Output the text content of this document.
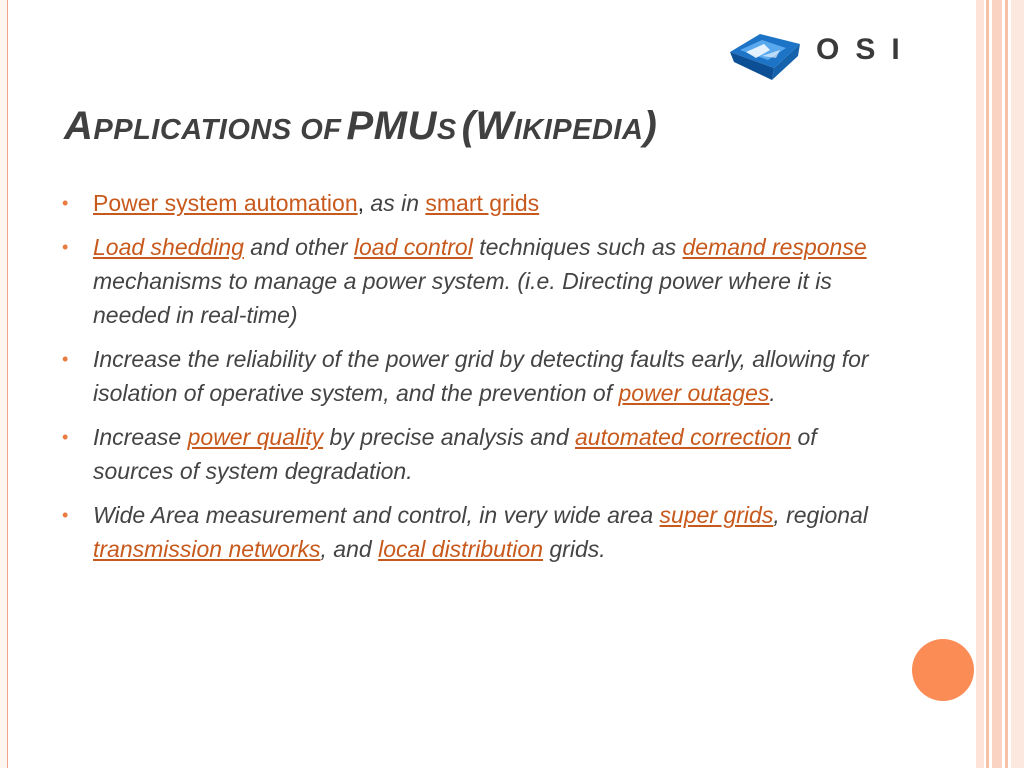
OSI
APPLICATIONS OF PMUS (WIKIPEDIA)
• Power system automation, as in smart grids
• Load shedding and other load control techniques such as demand response mechanisms to manage a power system. (i.e. Directing power where it is needed in real-time)
• Increase the reliability of the power grid by detecting faults early, allowing for isolation of operative system, and the prevention of power outages.
• Increase power quality by precise analysis and automated correction of sources of system degradation.
• Wide Area measurement and control, in very wide area super grids, regional transmission networks, and local distribution grids.
